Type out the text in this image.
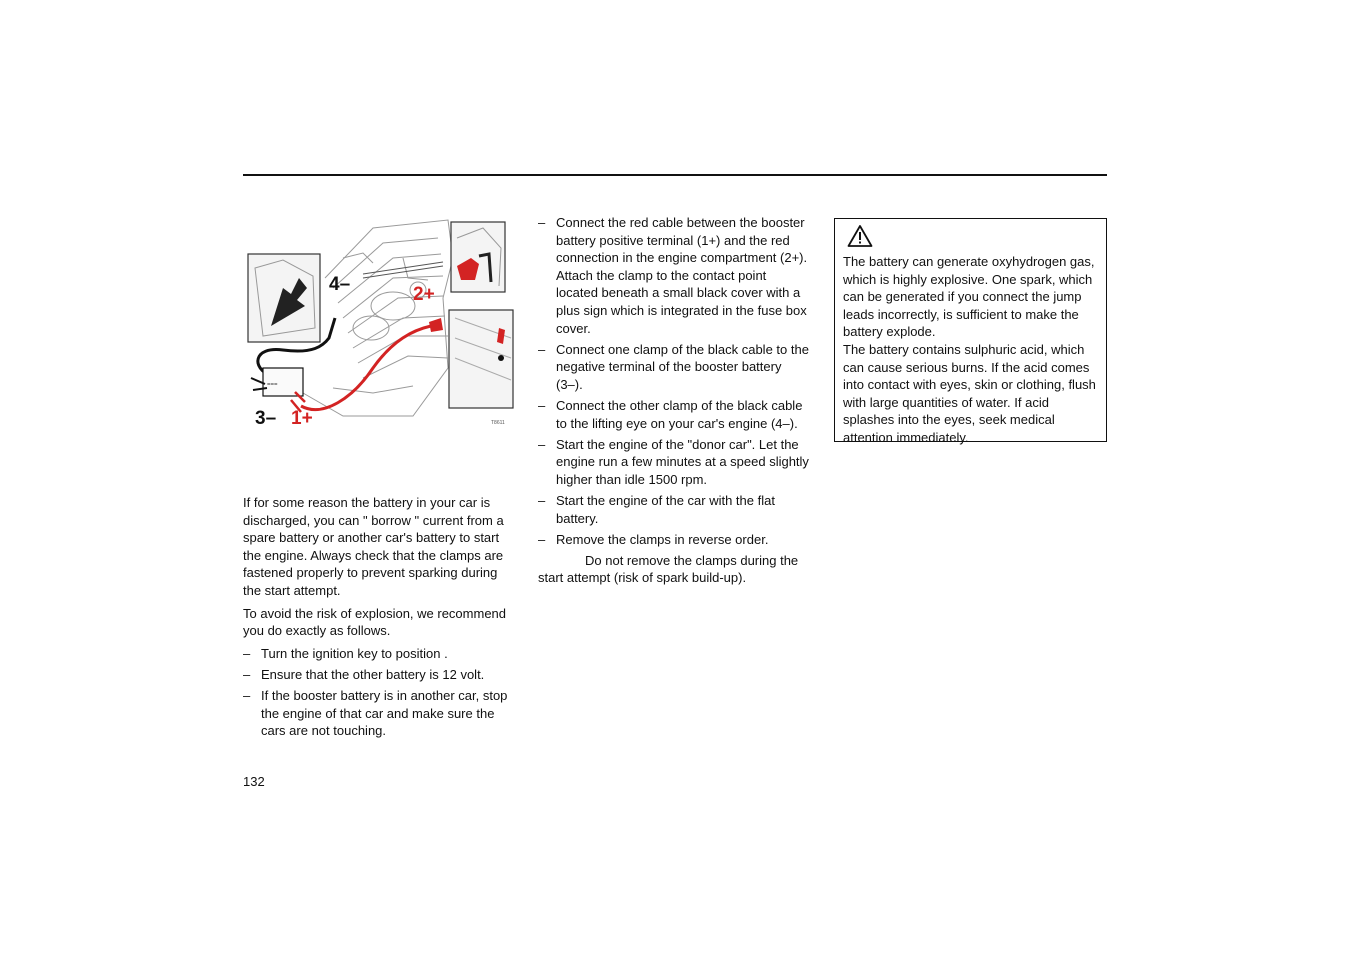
===
4–	2+
3– 1+	T8611

If for some reason the battery in your car is discharged, you can " borrow " current from a spare battery or another car's battery to start the engine. Always check that the clamps are fastened properly to prevent sparking during the start attempt.

To avoid the risk of explosion, we recommend you do exactly as follows.

– Turn the ignition key to position .
– Ensure that the other battery is 12 volt.
– If the booster battery is in another car, stop the engine of that car and make sure the cars are not touching.
– Connect the red cable between the booster battery positive terminal (1+) and the red connection in the engine compartment (2+).
Attach the clamp to the contact point located beneath a small black cover with a plus sign which is integrated in the fuse box cover.
– Connect one clamp of the black cable to the negative terminal of the booster battery (3–).
– Connect the other clamp of the black cable to the lifting eye on your car's engine (4–).
– Start the engine of the "donor car". Let the engine run a few minutes at a speed slightly higher than idle 1500 rpm.
– Start the engine of the car with the flat battery.
– Remove the clamps in reverse order.

Do not remove the clamps during the start attempt (risk of spark build-up).

The battery can generate oxyhydrogen gas, which is highly explosive. One spark, which can be generated if you connect the jump leads incorrectly, is sufficient to make the battery explode.
The battery contains sulphuric acid, which can cause serious burns. If the acid comes into contact with eyes, skin or clothing, flush with large quantities of water. If acid splashes into the eyes, seek medical attention immediately.
132
